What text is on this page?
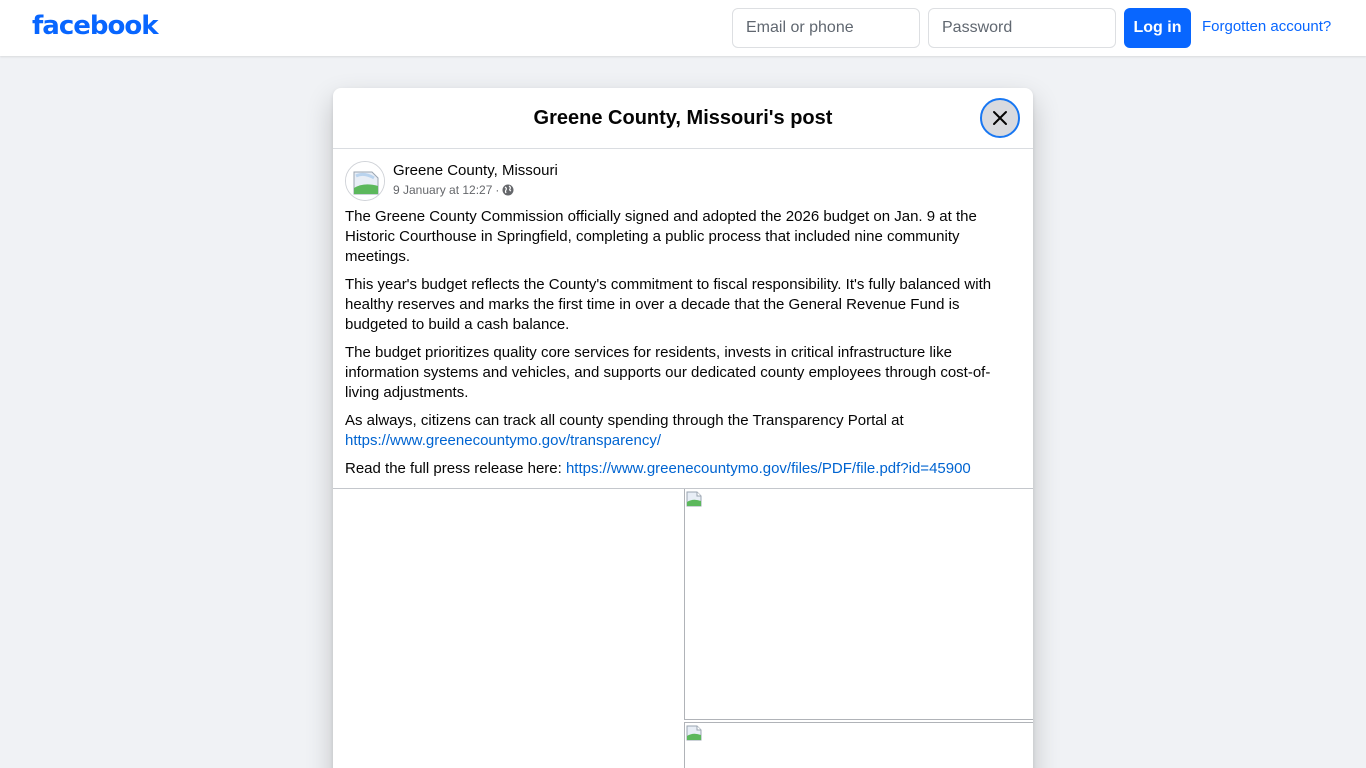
facebook
Email or phone	Log in	Forgotten account?
Greene County, Missouri's post
Greene County, Missouri
9 January at 12:27 ·

The Greene County Commission officially signed and adopted the 2026 budget on Jan. 9 at the Historic Courthouse in Springfield, completing a public process that included nine community meetings.

This year's budget reflects the County's commitment to fiscal responsibility. It's fully balanced with healthy reserves and marks the first time in over a decade that the General Revenue Fund is budgeted to build a cash balance.

The budget prioritizes quality core services for residents, invests in critical infrastructure like information systems and vehicles, and supports our dedicated county employees through cost-of-living adjustments.

As always, citizens can track all county spending through the Transparency Portal at
https://www.greenecountymo.gov/transparency/

Read the full press release here: https://www.greenecountymo.gov/files/PDF/file.pdf?id=45900
